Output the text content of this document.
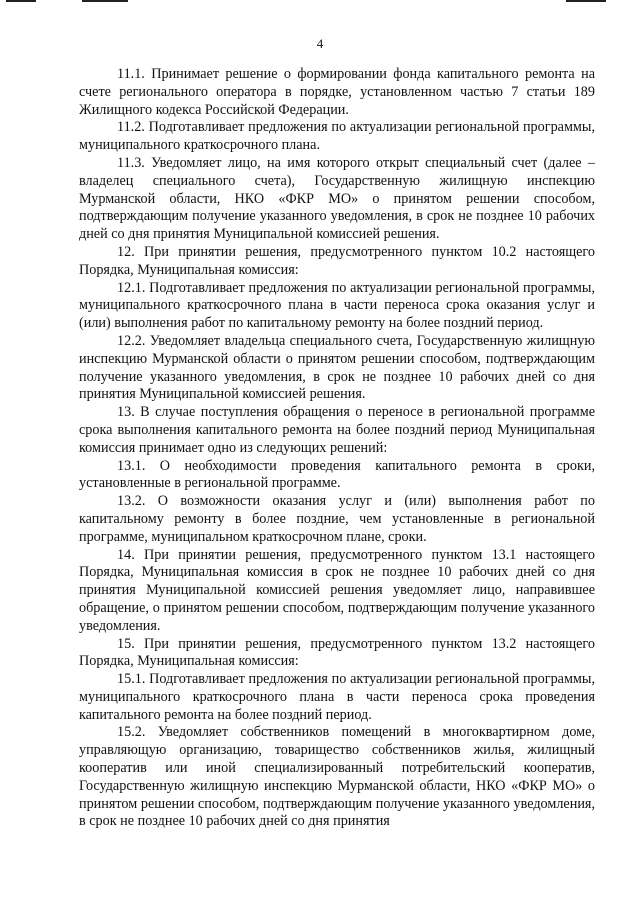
4

11.1. Принимает решение о формировании фонда капитального ремонта на счете регионального оператора в порядке, установленном частью 7 статьи 189 Жилищного кодекса Российской Федерации.

11.2. Подготавливает предложения по актуализации региональной программы, муниципального краткосрочного плана.

11.3. Уведомляет лицо, на имя которого открыт специальный счет (далее – владелец специального счета), Государственную жилищную инспекцию Мурманской области, НКО «ФКР МО» о принятом решении способом, подтверждающим получение указанного уведомления, в срок не позднее 10 рабочих дней со дня принятия Муниципальной комиссией решения.

12. При принятии решения, предусмотренного пунктом 10.2 настоящего Порядка, Муниципальная комиссия:

12.1. Подготавливает предложения по актуализации региональной программы, муниципального краткосрочного плана в части переноса срока оказания услуг и (или) выполнения работ по капитальному ремонту на более поздний период.

12.2. Уведомляет владельца специального счета, Государственную жилищную инспекцию Мурманской области о принятом решении способом, подтверждающим получение указанного уведомления, в срок не позднее 10 рабочих дней со дня принятия Муниципальной комиссией решения.

13. В случае поступления обращения о переносе в региональной программе срока выполнения капитального ремонта на более поздний период Муниципальная комиссия принимает одно из следующих решений:

13.1. О необходимости проведения капитального ремонта в сроки, установленные в региональной программе.

13.2. О возможности оказания услуг и (или) выполнения работ по капитальному ремонту в более поздние, чем установленные в региональной программе, муниципальном краткосрочном плане, сроки.

14. При принятии решения, предусмотренного пунктом 13.1 настоящего Порядка, Муниципальная комиссия в срок не позднее 10 рабочих дней со дня принятия Муниципальной комиссией решения уведомляет лицо, направившее обращение, о принятом решении способом, подтверждающим получение указанного уведомления.

15. При принятии решения, предусмотренного пунктом 13.2 настоящего Порядка, Муниципальная комиссия:

15.1. Подготавливает предложения по актуализации региональной программы, муниципального краткосрочного плана в части переноса срока проведения капитального ремонта на более поздний период.

15.2. Уведомляет собственников помещений в многоквартирном доме, управляющую организацию, товарищество собственников жилья, жилищный кооператив или иной специализированный потребительский кооператив, Государственную жилищную инспекцию Мурманской области, НКО «ФКР МО» о принятом решении способом, подтверждающим получение указанного уведомления, в срок не позднее 10 рабочих дней со дня принятия
